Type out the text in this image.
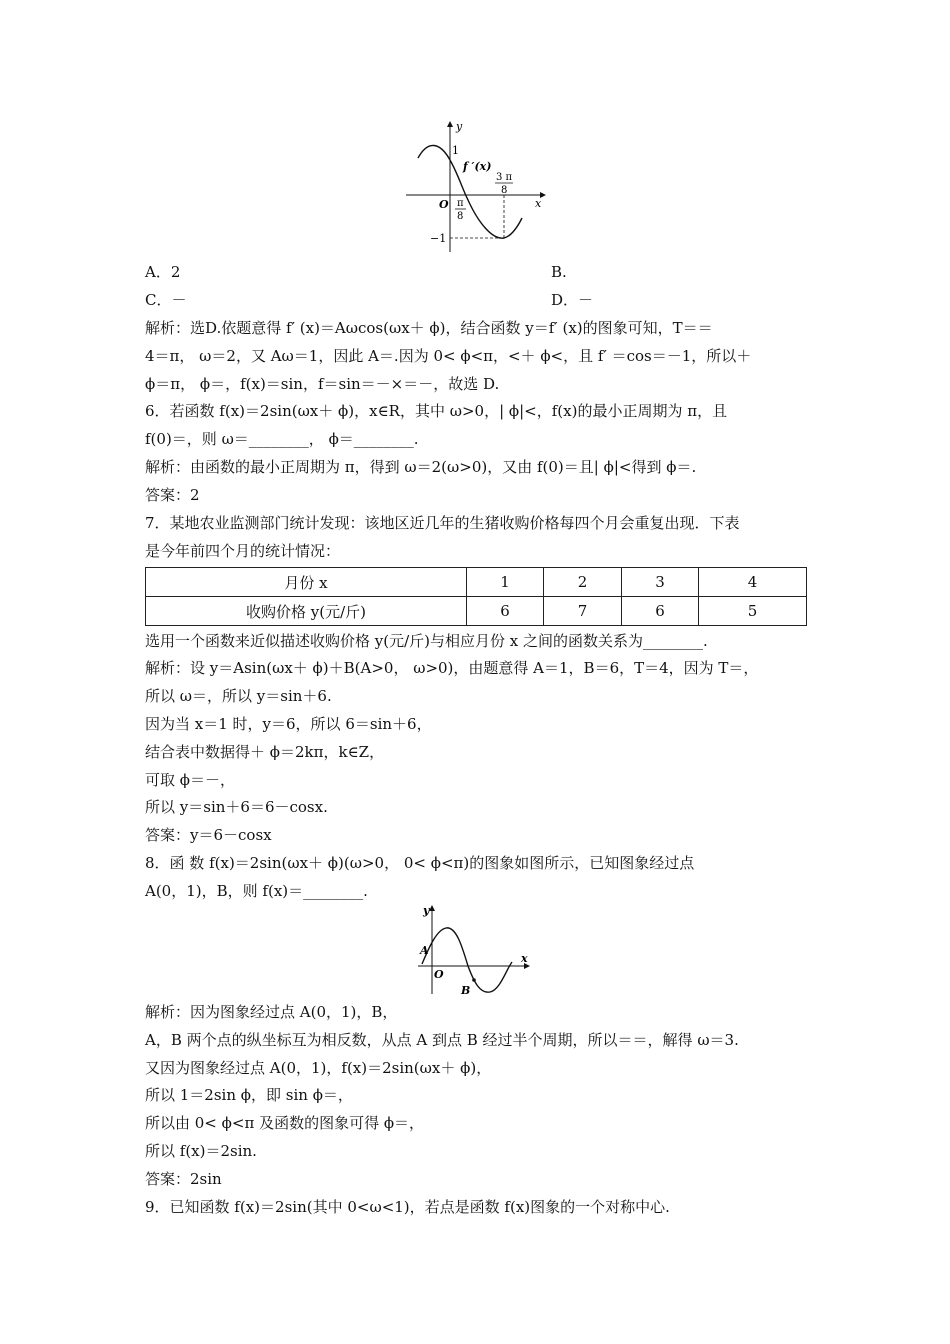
y
x
O
1
−1
f ′(x)
π
8
3 π
8
A．2	B.
C．－	D．－
解析：选D.依题意得 f′ (x)＝Aωcos(ωx＋ ϕ)，结合函数 y＝f′ (x)的图象可知，T＝＝
4＝π， ω＝2，又 Aω＝1，因此 A＝.因为 0< ϕ<π，<＋ ϕ<，且 f′ ＝cos＝－1，所以＋
ϕ＝π， ϕ＝，f(x)＝sin，f＝sin＝－×＝－，故选 D.
6．若函数 f(x)＝2sin(ωx＋ ϕ)，x∈R，其中 ω>0，| ϕ|<，f(x)的最小正周期为 π，且
f(0)＝，则 ω＝________， ϕ＝________.
解析：由函数的最小正周期为 π，得到 ω＝2(ω>0)，又由 f(0)＝且| ϕ|<得到 ϕ＝.
答案：2
7．某地农业监测部门统计发现：该地区近几年的生猪收购价格每四个月会重复出现．下表
是今年前四个月的统计情况：
月份 x	1	2	3	4
收购价格 y(元/斤)	6	7	6	5
选用一个函数来近似描述收购价格 y(元/斤)与相应月份 x 之间的函数关系为________.
解析：设 y＝Asin(ωx＋ ϕ)＋B(A>0， ω>0)，由题意得 A＝1，B＝6，T＝4，因为 T＝，
所以 ω＝，所以 y＝sin＋6.
因为当 x＝1 时，y＝6，所以 6＝sin＋6，
结合表中数据得＋ ϕ＝2kπ，k∈Z，
可取 ϕ＝－，
所以 y＝sin＋6＝6－cosx.
答案：y＝6－cosx
8．函 数 f(x)＝2sin(ωx＋ ϕ)(ω>0， 0< ϕ<π)的图象如图所示，已知图象经过点
A(0，1)，B，则 f(x)＝________.
y
x
O
A
B
解析：因为图象经过点 A(0，1)，B，
A，B 两个点的纵坐标互为相反数，从点 A 到点 B 经过半个周期，所以＝＝，解得 ω＝3.
又因为图象经过点 A(0，1)，f(x)＝2sin(ωx＋ ϕ)，
所以 1＝2sin ϕ，即 sin ϕ＝，
所以由 0< ϕ<π 及函数的图象可得 ϕ＝，
所以 f(x)＝2sin.
答案：2sin
9．已知函数 f(x)＝2sin(其中 0<ω<1)，若点是函数 f(x)图象的一个对称中心.
